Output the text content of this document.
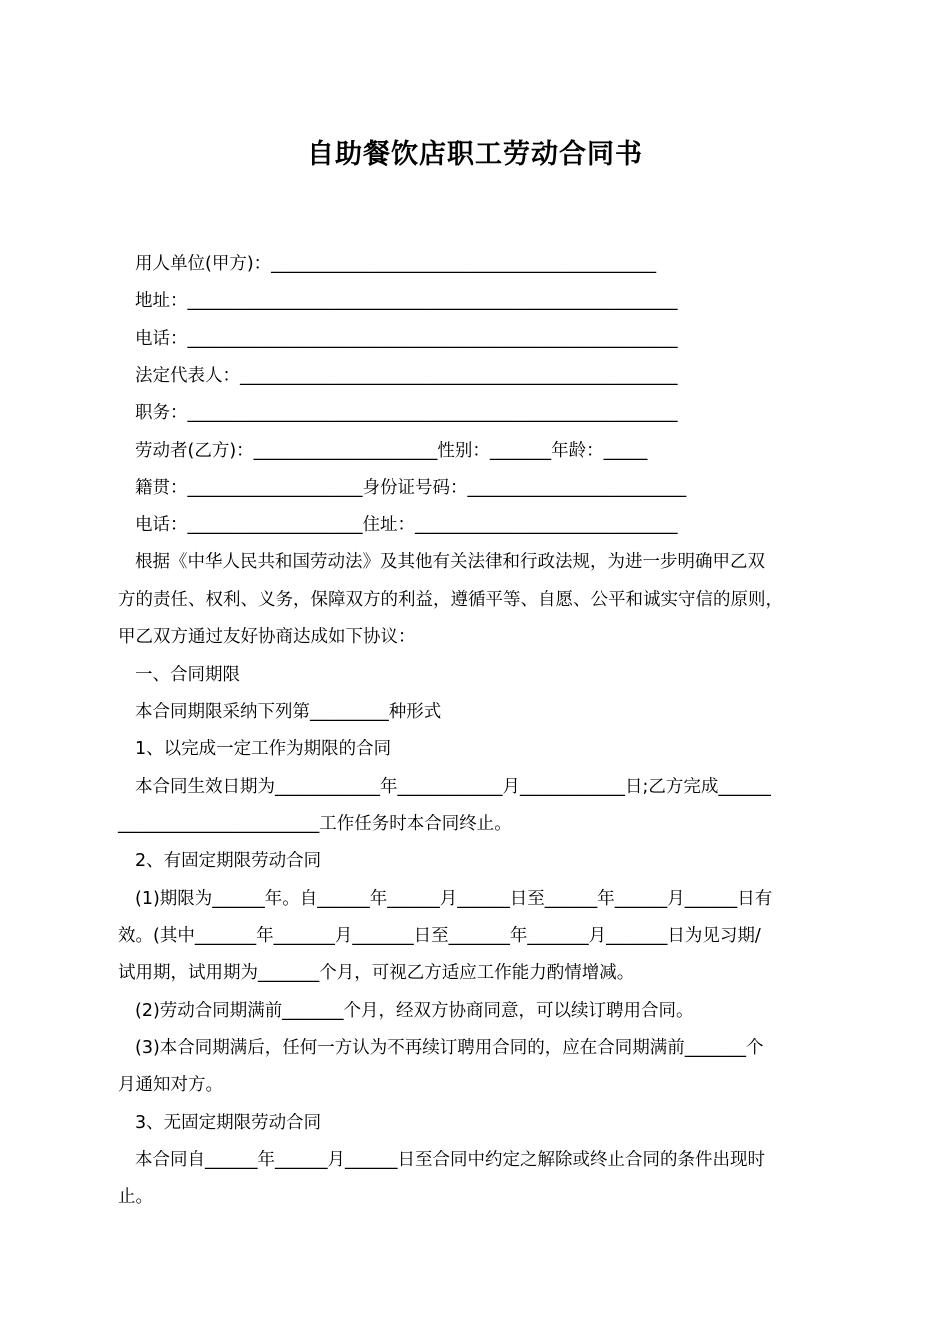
自助餐饮店职工劳动合同书
用人单位(甲方)：____________________________________________
地址：________________________________________________________
电话：________________________________________________________
法定代表人：__________________________________________________
职务：________________________________________________________
劳动者(乙方)：_____________________性别：_______年龄：_____
籍贯：____________________身份证号码：_________________________
电话：____________________住址：______________________________
根据《中华人民共和国劳动法》及其他有关法律和行政法规，为进一步明确甲乙双
方的责任、权利、义务，保障双方的利益，遵循平等、自愿、公平和诚实守信的原则，
甲乙双方通过友好协商达成如下协议：
一、合同期限
本合同期限采纳下列第_________种形式
1、以完成一定工作为期限的合同
本合同生效日期为____________年____________月____________日;乙方完成______
_______________________工作任务时本合同终止。
2、有固定期限劳动合同
(1)期限为______年。自______年______月______日至______年______月______日有
效。(其中_______年_______月_______日至_______年_______月_______日为见习期/
试用期，试用期为_______个月，可视乙方适应工作能力酌情增减。
(2)劳动合同期满前_______个月，经双方协商同意，可以续订聘用合同。
(3)本合同期满后，任何一方认为不再续订聘用合同的，应在合同期满前_______个
月通知对方。
3、无固定期限劳动合同
本合同自______年______月______日至合同中约定之解除或终止合同的条件出现时
止。
